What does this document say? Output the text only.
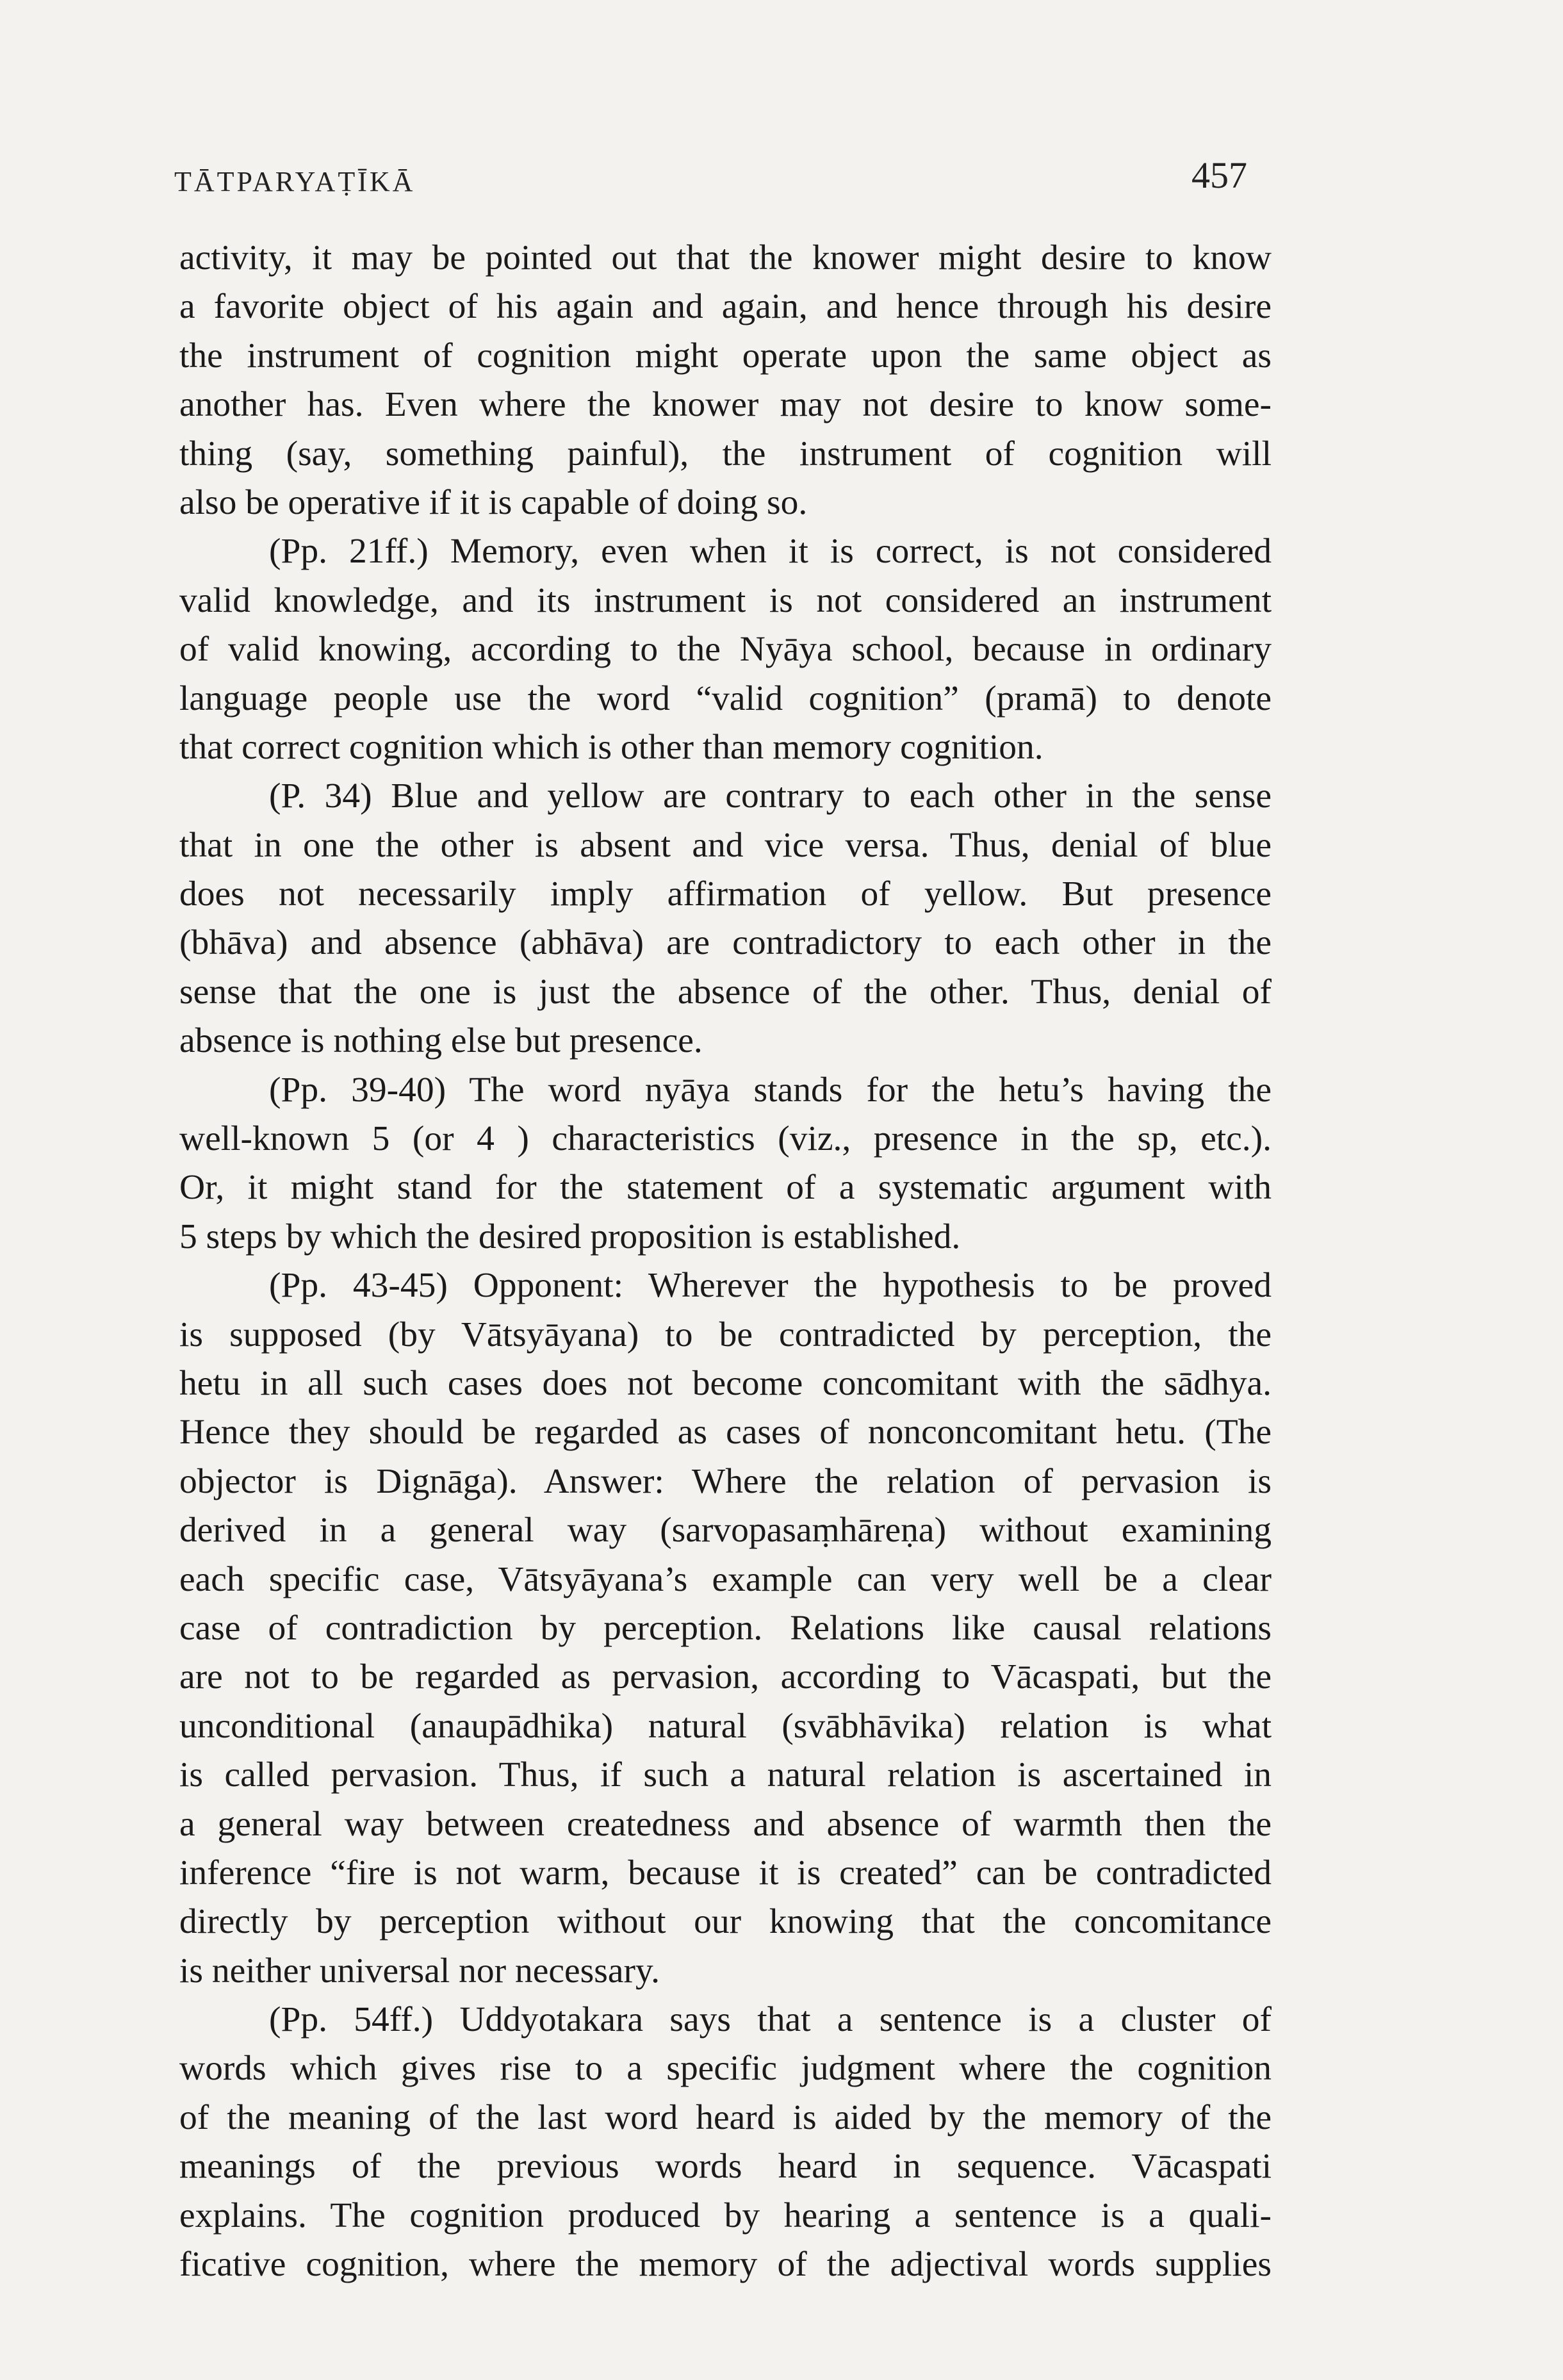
TĀTPARYAṬĪKĀ	457
activity, it may be pointed out that the knower might desire to know
a favorite object of his again and again, and hence through his desire
the instrument of cognition might operate upon the same object as
another has. Even where the knower may not desire to know some-
thing (say, something painful), the instrument of cognition will
also be operative if it is capable of doing so.
(Pp. 21ff.) Memory, even when it is correct, is not considered
valid knowledge, and its instrument is not considered an instrument
of valid knowing, according to the Nyāya school, because in ordinary
language people use the word “valid cognition” (pramā) to denote
that correct cognition which is other than memory cognition.
(P. 34) Blue and yellow are contrary to each other in the sense
that in one the other is absent and vice versa. Thus, denial of blue
does not necessarily imply affirmation of yellow. But presence
(bhāva) and absence (abhāva) are contradictory to each other in the
sense that the one is just the absence of the other. Thus, denial of
absence is nothing else but presence.
(Pp. 39-40) The word nyāya stands for the hetu’s having the
well-known 5 (or 4 ) characteristics (viz., presence in the sp, etc.).
Or, it might stand for the statement of a systematic argument with
5 steps by which the desired proposition is established.
(Pp. 43-45) Opponent: Wherever the hypothesis to be proved
is supposed (by Vātsyāyana) to be contradicted by perception, the
hetu in all such cases does not become concomitant with the sādhya.
Hence they should be regarded as cases of nonconcomitant hetu. (The
objector is Dignāga). Answer: Where the relation of pervasion is
derived in a general way (sarvopasaṃhāreṇa) without examining
each specific case, Vātsyāyana’s example can very well be a clear
case of contradiction by perception. Relations like causal relations
are not to be regarded as pervasion, according to Vācaspati, but the
unconditional (anaupādhika) natural (svābhāvika) relation is what
is called pervasion. Thus, if such a natural relation is ascertained in
a general way between createdness and absence of warmth then the
inference “fire is not warm, because it is created” can be contradicted
directly by perception without our knowing that the concomitance
is neither universal nor necessary.
(Pp. 54ff.) Uddyotakara says that a sentence is a cluster of
words which gives rise to a specific judgment where the cognition
of the meaning of the last word heard is aided by the memory of the
meanings of the previous words heard in sequence. Vācaspati
explains. The cognition produced by hearing a sentence is a quali-
ficative cognition, where the memory of the adjectival words supplies
